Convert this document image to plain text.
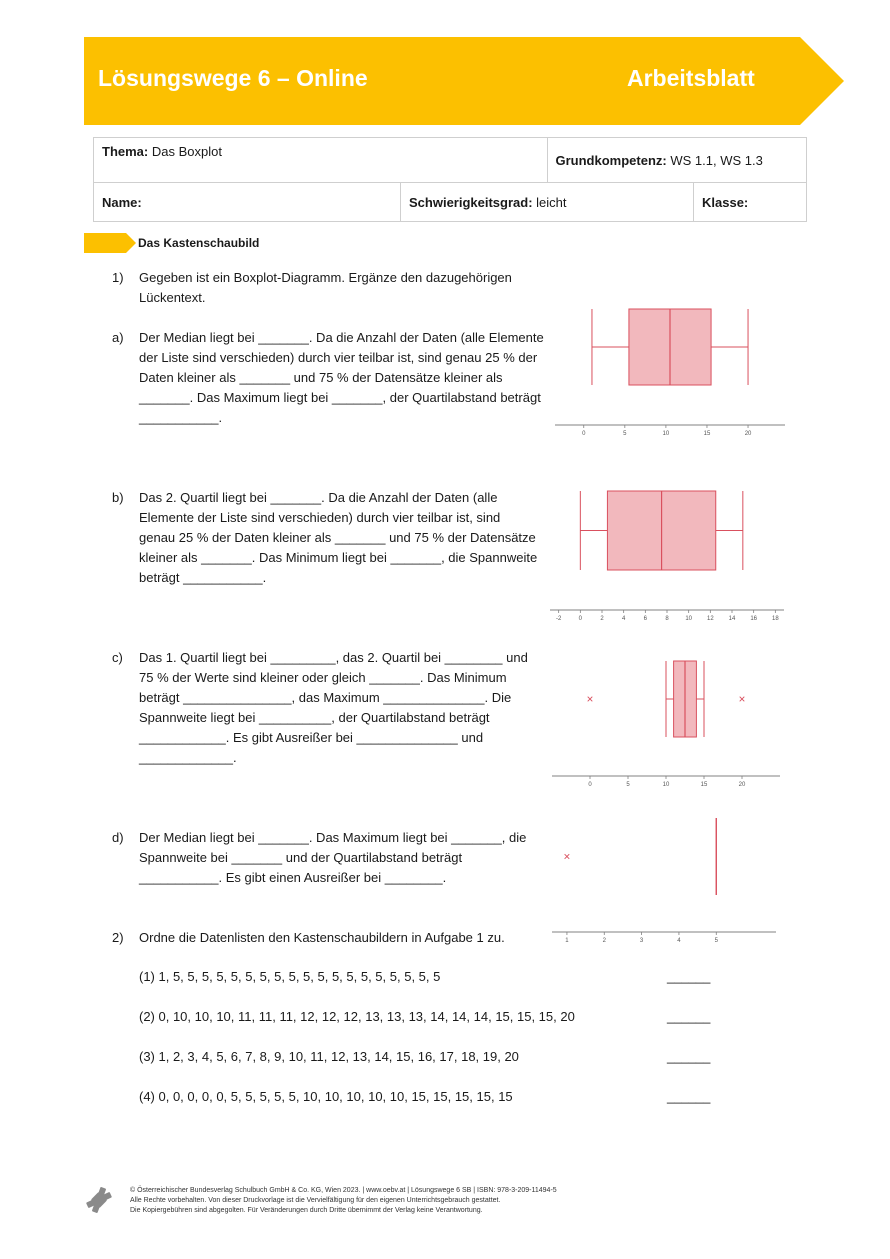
Lösungswege 6 – Online	Arbeitsblatt
Thema: Das Boxplot		Grundkompetenz: WS 1.1, WS 1.3	
Name:	Schwierigkeitsgrad: leicht		Klasse:
Das Kastenschaubild
1) Gegeben ist ein Boxplot-Diagramm. Ergänze den dazugehörigen

Lückentext.

a) Der Median liegt bei _______. Da die Anzahl der Daten (alle Elemente

der Liste sind verschieden) durch vier teilbar ist, sind genau 25 % der

Daten kleiner als _______ und 75 % der Datensätze kleiner als

_______. Das Maximum liegt bei _______, der Quartilabstand beträgt

___________.

b) Das 2. Quartil liegt bei _______. Da die Anzahl der Daten (alle

Elemente der Liste sind verschieden) durch vier teilbar ist, sind

genau 25 % der Daten kleiner als _______ und 75 % der Datensätze

kleiner als _______. Das Minimum liegt bei _______, die Spannweite

beträgt ___________.

c) Das 1. Quartil liegt bei _________, das 2. Quartil bei ________ und

75 % der Werte sind kleiner oder gleich _______. Das Minimum

beträgt _______________, das Maximum ______________. Die

Spannweite liegt bei __________, der Quartilabstand beträgt

____________. Es gibt Ausreißer bei ______________ und

_____________.

d) Der Median liegt bei _______. Das Maximum liegt bei _______, die

Spannweite bei _______ und der Quartilabstand beträgt

___________. Es gibt einen Ausreißer bei ________.

2) Ordne die Datenlisten den Kastenschaubildern in Aufgabe 1 zu.
(1) 1, 5, 5, 5, 5, 5, 5, 5, 5, 5, 5, 5, 5, 5, 5, 5, 5, 5, 5, 5	______
(2) 0, 10, 10, 10, 11, 11, 11, 12, 12, 12, 13, 13, 13, 14, 14, 14, 15, 15, 15, 20	______
(3) 1, 2, 3, 4, 5, 6, 7, 8, 9, 10, 11, 12, 13, 14, 15, 16, 17, 18, 19, 20	______
(4) 0, 0, 0, 0, 0, 5, 5, 5, 5, 5, 10, 10, 10, 10, 10, 15, 15, 15, 15, 15	______
0	5	10	15	20
-2	0	2	4	6	8	10 12 14 16 18
0	5	10	15	20
1	2	3	4	5

© Österreichischer Bundesverlag Schulbuch GmbH & Co. KG, Wien 2023. | www.oebv.at | Lösungswege 6 SB | ISBN: 978-3-209-11494-5

Alle Rechte vorbehalten. Von dieser Druckvorlage ist die Vervielfältigung für den eigenen Unterrichtsgebrauch gestattet.

Die Kopiergebühren sind abgegolten. Für Veränderungen durch Dritte übernimmt der Verlag keine Verantwortung.
